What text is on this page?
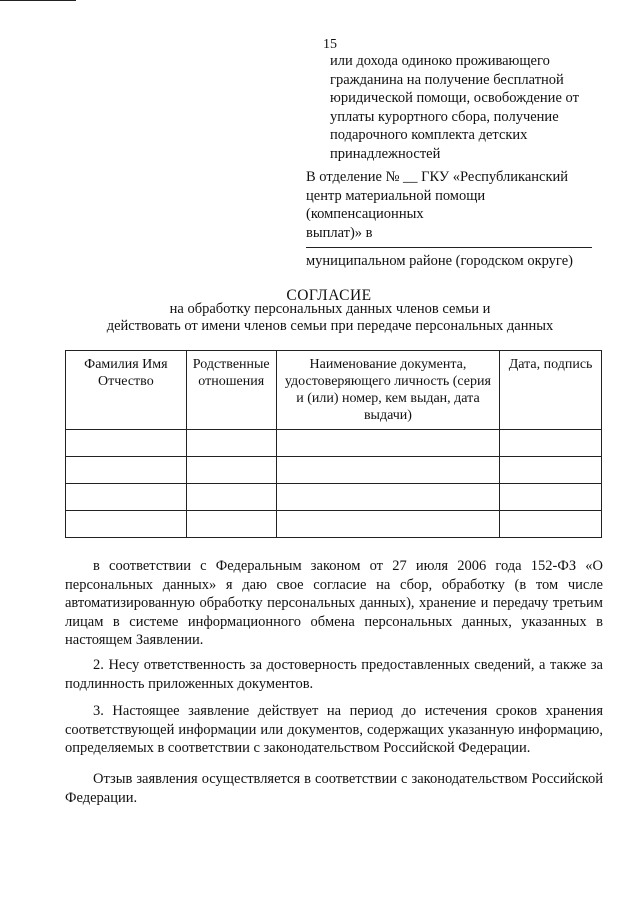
15
или дохода одиноко проживающего
гражданина на получение бесплатной
юридической помощи, освобождение от
уплаты курортного сбора, получение
подарочного комплекта детских
принадлежностей
В отделение № __ ГКУ «Республиканский
центр материальной помощи
(компенсационных
выплат)» в
муниципальном районе (городском округе)
СОГЛАСИЕ
на обработку персональных данных членов семьи и
действовать от имени членов семьи при передаче персональных данных
Фамилия Имя Отчество	Родственные отношения	Наименование документа, удостоверяющего личность (серия и (или) номер, кем выдан, дата выдачи)	Дата, подпись

в соответствии с Федеральным законом от 27 июля 2006 года 152-ФЗ «О персональных данных» я даю свое согласие на сбор, обработку (в том числе автоматизированную обработку персональных данных), хранение и передачу третьим лицам в системе информационного обмена персональных данных, указанных в настоящем Заявлении.

2. Несу ответственность за достоверность предоставленных сведений, а также за подлинность приложенных документов.

3. Настоящее заявление действует на период до истечения сроков хранения соответствующей информации или документов, содержащих указанную информацию, определяемых в соответствии с законодательством Российской Федерации.

Отзыв заявления осуществляется в соответствии с законодательством Российской Федерации.
